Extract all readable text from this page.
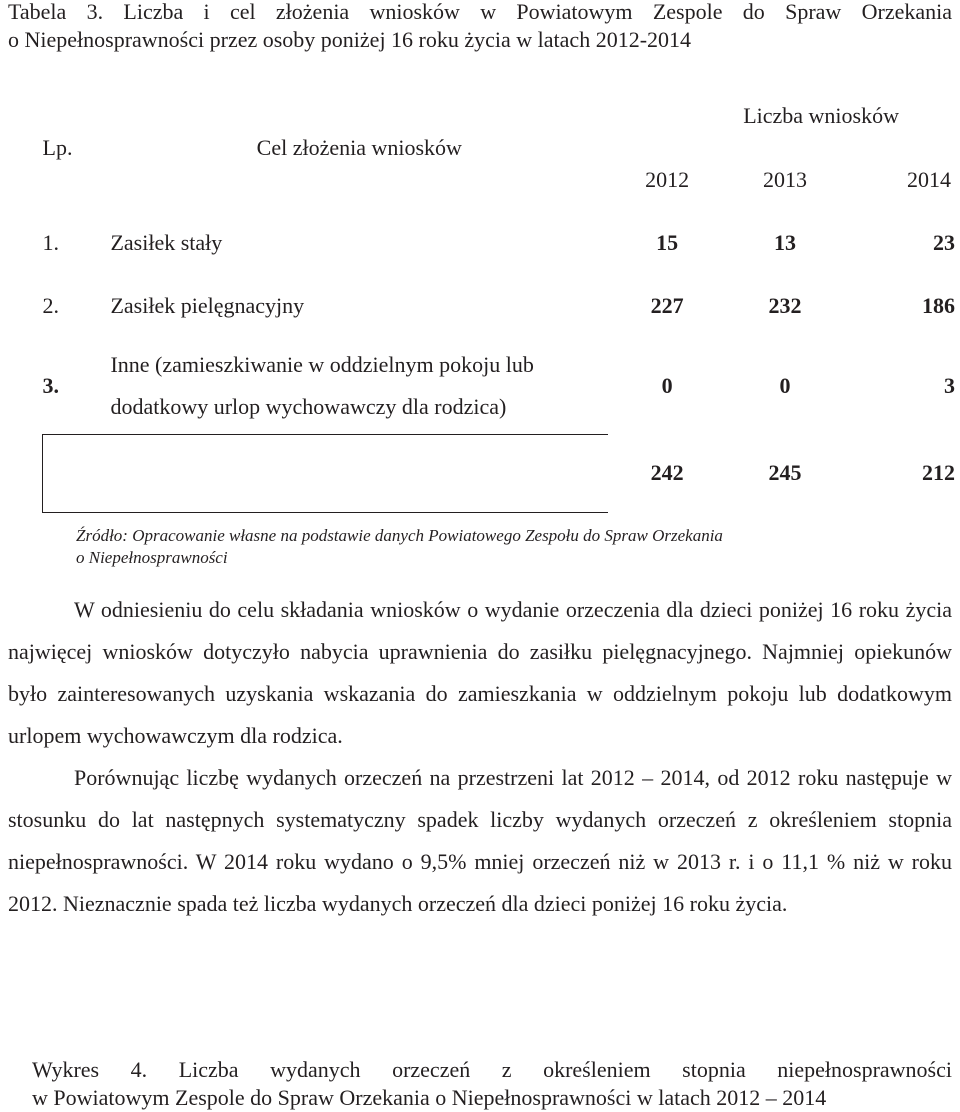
Tabela 3. Liczba i cel złożenia wniosków w Powiatowym Zespole do Spraw Orzekania
o Niepełnosprawności przez osoby poniżej 16 roku życia w latach 2012-2014
Lp.	Cel złożenia wniosków	Liczba wniosków		
		2012	2013	2014
1.	Zasiłek stały	15	13	23
2.	Zasiłek pielęgnacyjny	227	232	186
3.	Inne (zamieszkiwanie w oddzielnym pokoju lub
dodatkowy urlop wychowawczy dla rodzica)	0	0	3
		242	245	212
Źródło: Opracowanie własne na podstawie danych Powiatowego Zespołu do Spraw Orzekania
o Niepełnosprawności
W odniesieniu do celu składania wniosków o wydanie orzeczenia dla dzieci poniżej 16 roku życia najwięcej wniosków dotyczyło nabycia uprawnienia do zasiłku pielęgnacyjnego. Najmniej opiekunów było zainteresowanych uzyskania wskazania do zamieszkania w oddzielnym pokoju lub dodatkowym urlopem wychowawczym dla rodzica.
Porównując liczbę wydanych orzeczeń na przestrzeni lat 2012 – 2014, od 2012 roku następuje w stosunku do lat następnych systematyczny spadek liczby wydanych orzeczeń z określeniem stopnia niepełnosprawności. W 2014 roku wydano o 9,5% mniej orzeczeń niż w 2013 r. i o 11,1 % niż w roku 2012. Nieznacznie spada też liczba wydanych orzeczeń dla dzieci poniżej 16 roku życia.
Wykres 4. Liczba wydanych orzeczeń z określeniem stopnia niepełnosprawności
w Powiatowym Zespole do Spraw Orzekania o Niepełnosprawności w latach 2012 – 2014
